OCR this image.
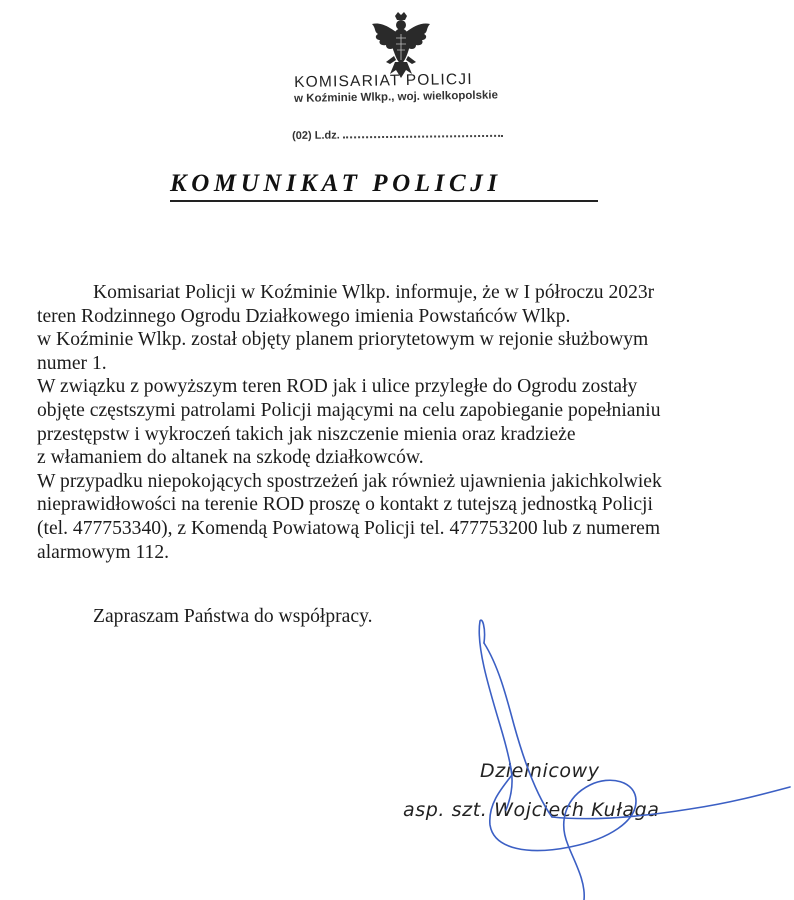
KOMISARIAT POLICJI
w Koźminie Wlkp., woj. wielkopolskie
(02) L.dz.
KOMUNIKAT POLICJI
Komisariat Policji w Koźminie Wlkp. informuje, że w I półroczu 2023r
teren Rodzinnego Ogrodu Działkowego imienia Powstańców Wlkp.
w Koźminie Wlkp. został objęty planem priorytetowym w rejonie służbowym
numer 1.
W związku z powyższym teren ROD jak i ulice przyległe do Ogrodu zostały
objęte częstszymi patrolami Policji mającymi na celu zapobieganie popełnianiu
przestępstw i wykroczeń takich jak niszczenie mienia oraz kradzieże
z włamaniem do altanek na szkodę działkowców.
W przypadku niepokojących spostrzeżeń jak również ujawnienia jakichkolwiek
nieprawidłowości na terenie ROD proszę o kontakt z tutejszą jednostką Policji
(tel. 477753340), z Komendą Powiatową Policji tel. 477753200 lub z numerem
alarmowym 112.
Zapraszam Państwa do współpracy.
Dzielnicowy
asp. szt. Wojciech Kułaga
